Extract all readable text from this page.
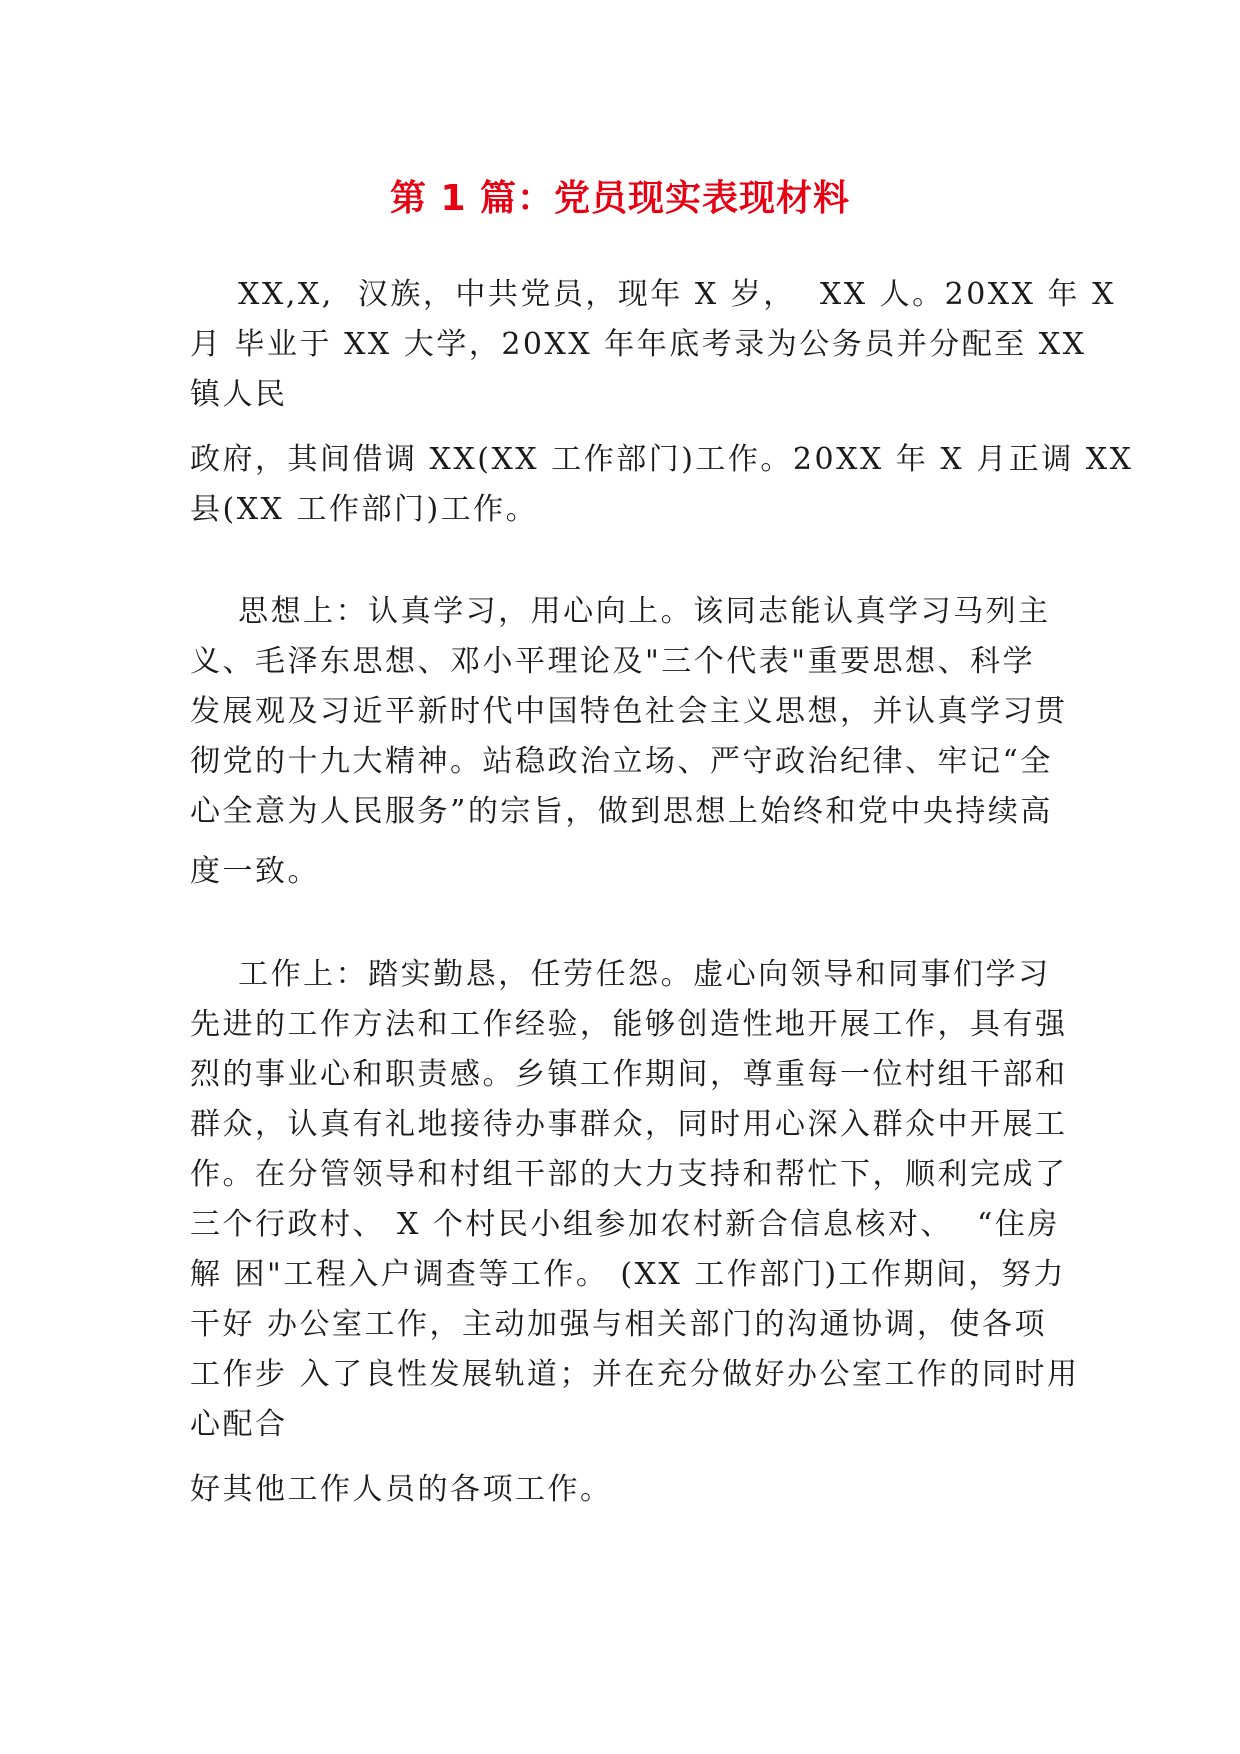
第 1 篇：党员现实表现材料

XX,X,  汉族，中共党员，现年 X 岁，  XX 人。20XX 年 X

月 毕业于 XX 大学，20XX 年年底考录为公务员并分配至 XX

镇人民

政府，其间借调 XX(XX 工作部门)工作。20XX 年 X 月正调 XX

县(XX 工作部门)工作。

思想上：认真学习，用心向上。该同志能认真学习马列主

义、毛泽东思想、邓小平理论及"三个代表"重要思想、科学

发展观及习近平新时代中国特色社会主义思想，并认真学习贯

彻党的十九大精神。站稳政治立场、严守政治纪律、牢记“全

心全意为人民服务”的宗旨，做到思想上始终和党中央持续高

度一致。

工作上：踏实勤恳，任劳任怨。虚心向领导和同事们学习

先进的工作方法和工作经验，能够创造性地开展工作，具有强

烈的事业心和职责感。乡镇工作期间，尊重每一位村组干部和

群众，认真有礼地接待办事群众，同时用心深入群众中开展工

作。在分管领导和村组干部的大力支持和帮忙下，顺利完成了

三个行政村、 X 个村民小组参加农村新合信息核对、  “住房

解 困"工程入户调查等工作。 (XX 工作部门)工作期间，努力

干好 办公室工作，主动加强与相关部门的沟通协调，使各项

工作步 入了良性发展轨道；并在充分做好办公室工作的同时用

心配合

好其他工作人员的各项工作。
